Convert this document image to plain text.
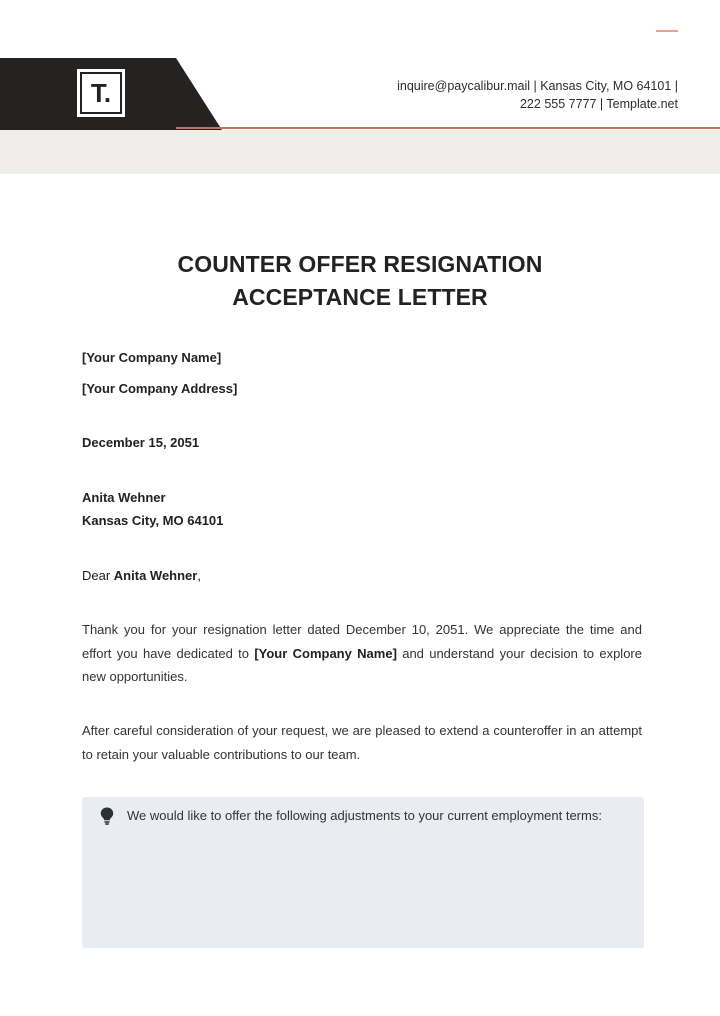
T.	inquire@paycalibur.mail | Kansas City, MO 64101 |
222 555 7777 | Template.net
COUNTER OFFER RESIGNATION
ACCEPTANCE LETTER
[Your Company Name]
[Your Company Address]
December 15, 2051
Anita Wehner
Kansas City, MO 64101
Dear Anita Wehner,
Thank you for your resignation letter dated December 10, 2051. We appreciate the time and effort you have dedicated to [Your Company Name] and understand your decision to explore new opportunities.
After careful consideration of your request, we are pleased to extend a counteroffer in an attempt to retain your valuable contributions to our team.
We would like to offer the following adjustments to your current employment terms:
